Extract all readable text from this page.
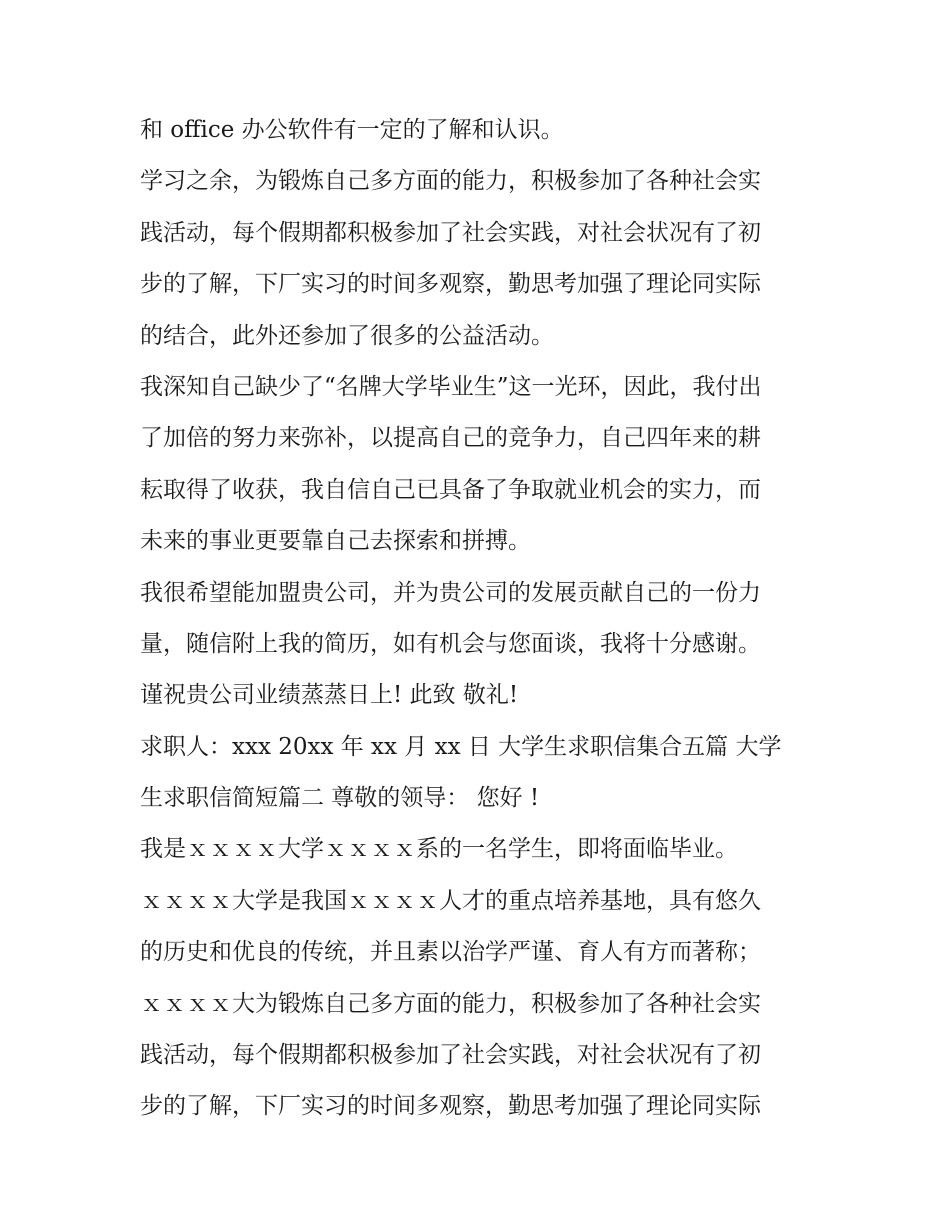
和 office 办公软件有一定的了解和认识。
学习之余，为锻炼自己多方面的能力，积极参加了各种社会实
践活动，每个假期都积极参加了社会实践，对社会状况有了初
步的了解，下厂实习的时间多观察，勤思考加强了理论同实际
的结合，此外还参加了很多的公益活动。
我深知自己缺少了“名牌大学毕业生”这一光环，因此，我付出
了加倍的努力来弥补，以提高自己的竞争力，自己四年来的耕
耘取得了收获，我自信自己已具备了争取就业机会的实力，而
未来的事业更要靠自己去探索和拼搏。
我很希望能加盟贵公司，并为贵公司的发展贡献自己的一份力
量，随信附上我的简历，如有机会与您面谈，我将十分感谢。
谨祝贵公司业绩蒸蒸日上! 此致 敬礼!
求职人：xxx 20xx 年 xx 月 xx 日 大学生求职信集合五篇 大学
生求职信简短篇二 尊敬的领导： 您好 !
我是ｘｘｘｘ大学ｘｘｘｘ系的一名学生，即将面临毕业。
ｘｘｘｘ大学是我国ｘｘｘｘ人才的重点培养基地，具有悠久
的历史和优良的传统，并且素以治学严谨、育人有方而著称；
ｘｘｘｘ大为锻炼自己多方面的能力，积极参加了各种社会实
践活动，每个假期都积极参加了社会实践，对社会状况有了初
步的了解，下厂实习的时间多观察，勤思考加强了理论同实际
